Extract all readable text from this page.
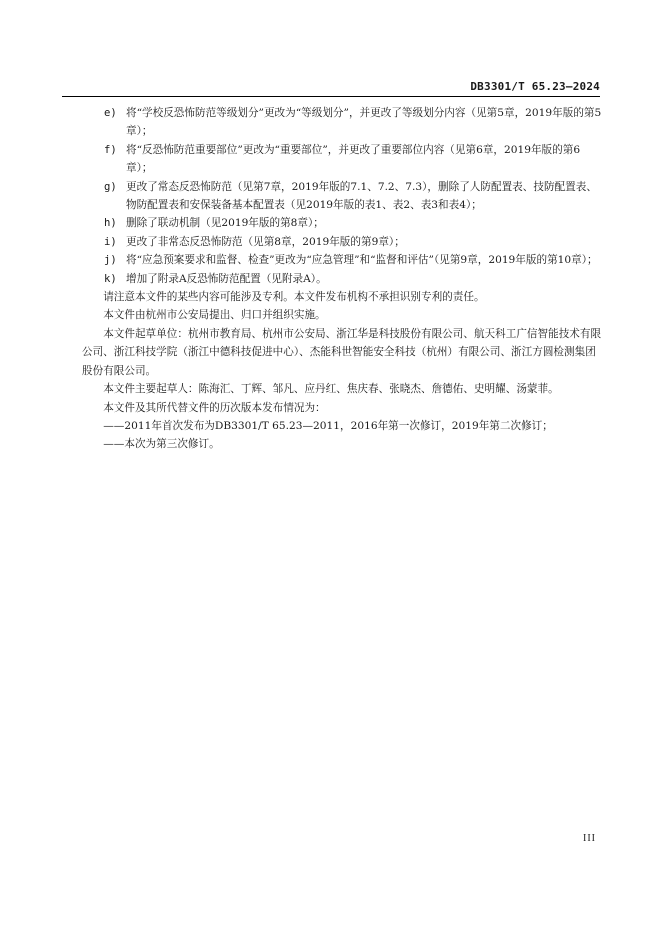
DB3301/T 65.23—2024
e) 将“学校反恐怖防范等级划分”更改为“等级划分”，并更改了等级划分内容（见第5章，2019年版的第5章）；
f) 将“反恐怖防范重要部位”更改为“重要部位”，并更改了重要部位内容（见第6章，2019年版的第6章）；
g) 更改了常态反恐怖防范（见第7章，2019年版的7.1、7.2、7.3），删除了人防配置表、技防配置表、物防配置表和安保装备基本配置表（见2019年版的表1、表2、表3和表4）；
h) 删除了联动机制（见2019年版的第8章）；
i) 更改了非常态反恐怖防范（见第8章，2019年版的第9章）；
j) 将“应急预案要求和监督、检查”更改为“应急管理”和“监督和评估”（见第9章，2019年版的第10章）；
k) 增加了附录A反恐怖防范配置（见附录A）。
请注意本文件的某些内容可能涉及专利。本文件发布机构不承担识别专利的责任。
本文件由杭州市公安局提出、归口并组织实施。
本文件起草单位：杭州市教育局、杭州市公安局、浙江华是科技股份有限公司、航天科工广信智能技术有限公司、浙江科技学院（浙江中德科技促进中心）、杰能科世智能安全科技（杭州）有限公司、浙江方圆检测集团股份有限公司。
本文件主要起草人：陈海汇、丁辉、邹凡、应丹红、焦庆春、张晓杰、詹德佑、史明耀、汤蒙菲。
本文件及其所代替文件的历次版本发布情况为：
——2011年首次发布为DB3301/T 65.23—2011，2016年第一次修订，2019年第二次修订；
——本次为第三次修订。
III
